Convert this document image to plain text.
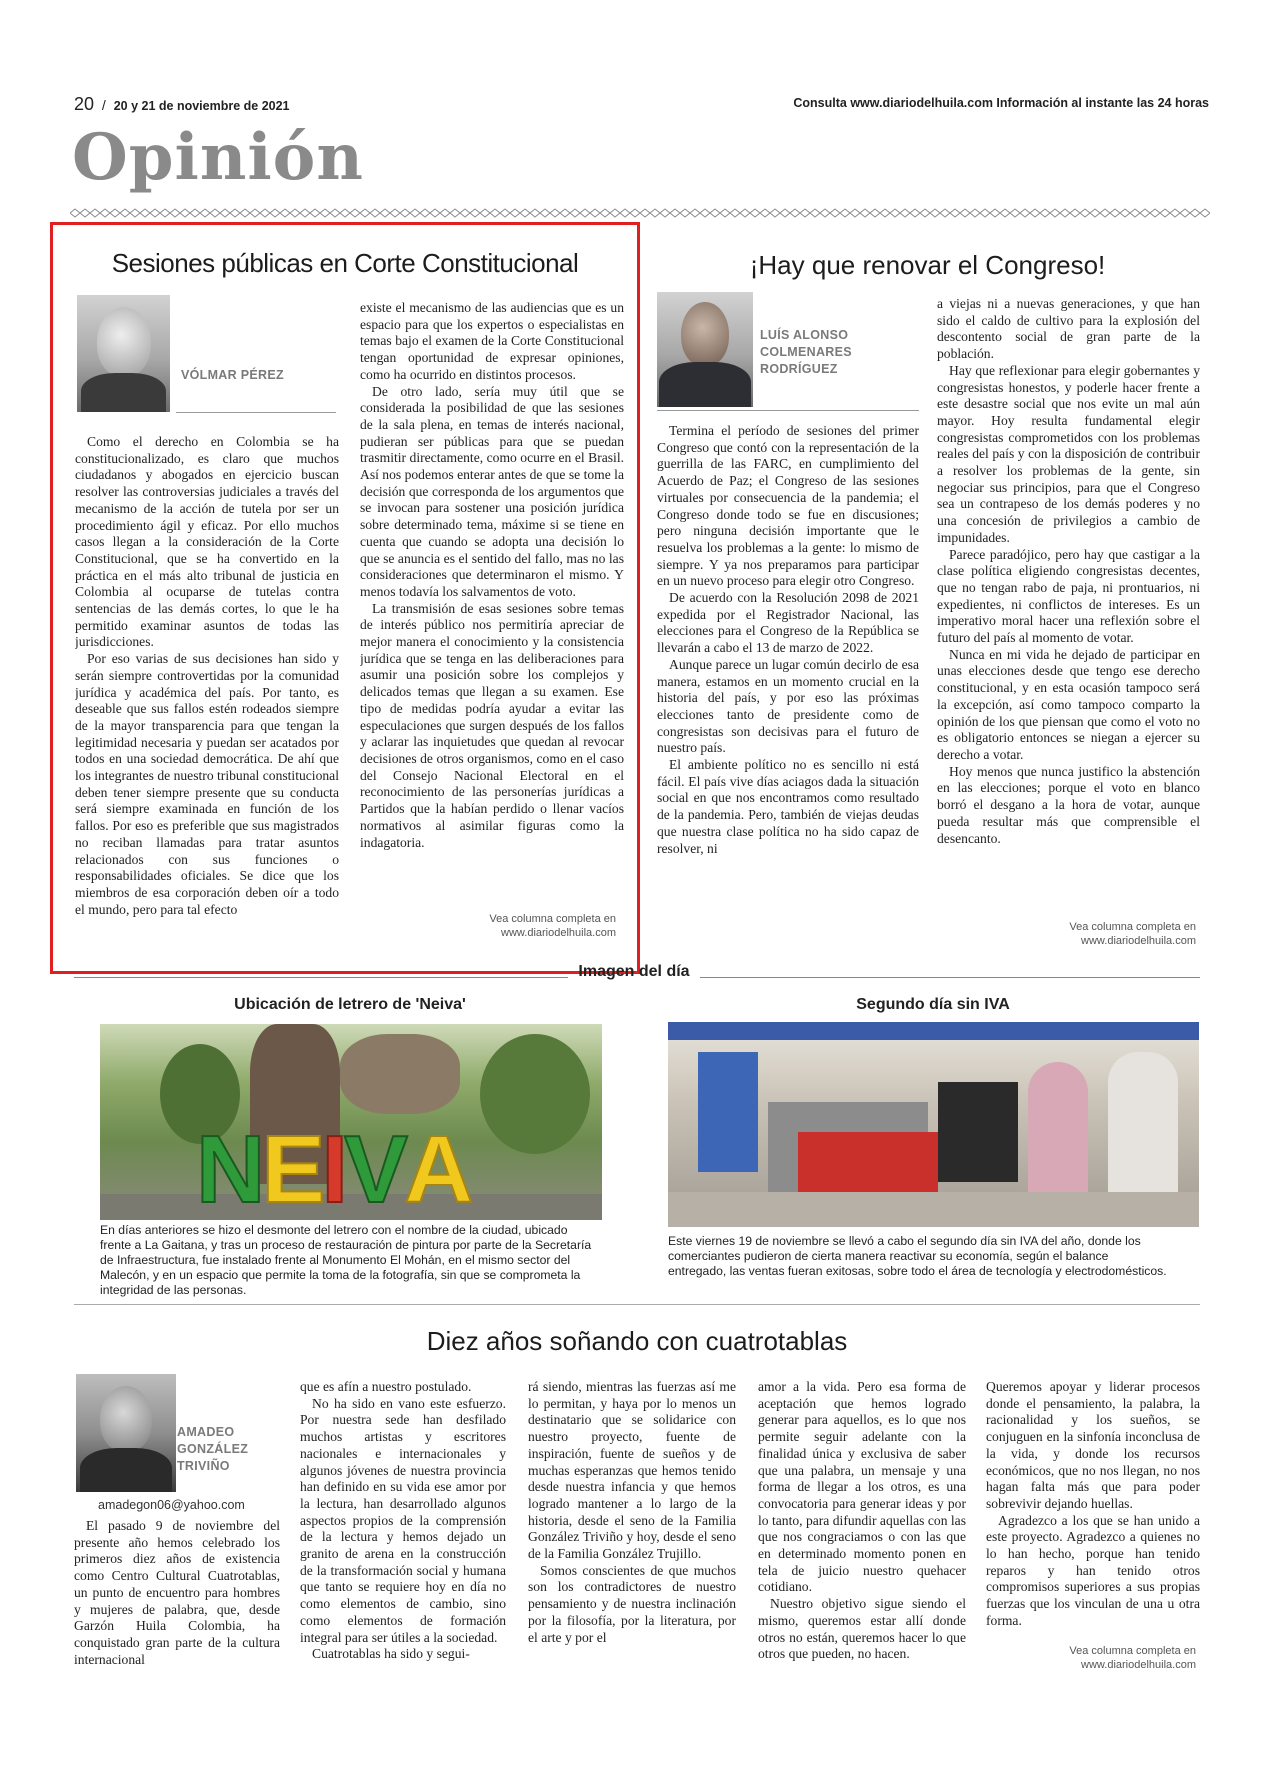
20 / 20 y 21 de noviembre de 2021	Consulta www.diariodelhuila.com Información al instante las 24 horas
Opinión
Sesiones públicas en Corte Constitucional
VÓLMAR PÉREZ

Como el derecho en Colombia se ha constitucionalizado, es claro que muchos ciudadanos y abogados en ejercicio buscan resolver las controversias judiciales a través del mecanismo de la acción de tutela por ser un procedimiento ágil y eficaz. Por ello muchos casos llegan a la consideración de la Corte Constitucional, que se ha convertido en la práctica en el más alto tribunal de justicia en Colombia al ocuparse de tutelas contra sentencias de las demás cortes, lo que le ha permitido examinar asuntos de todas las jurisdicciones.

Por eso varias de sus decisiones han sido y serán siempre controvertidas por la comunidad jurídica y académica del país. Por tanto, es deseable que sus fallos estén rodeados siempre de la mayor transparencia para que tengan la legitimidad necesaria y puedan ser acatados por todos en una sociedad democrática. De ahí que los integrantes de nuestro tribunal constitucional deben tener siempre presente que su conducta será siempre examinada en función de los fallos. Por eso es preferible que sus magistrados no reciban llamadas para tratar asuntos relacionados con sus funciones o responsabilidades oficiales. Se dice que los miembros de esa corporación deben oír a todo el mundo, pero para tal efecto

existe el mecanismo de las audiencias que es un espacio para que los expertos o especialistas en temas bajo el examen de la Corte Constitucional tengan oportunidad de expresar opiniones, como ha ocurrido en distintos procesos.

De otro lado, sería muy útil que se considerada la posibilidad de que las sesiones de la sala plena, en temas de interés nacional, pudieran ser públicas para que se puedan trasmitir directamente, como ocurre en el Brasil. Así nos podemos enterar antes de que se tome la decisión que corresponda de los argumentos que se invocan para sostener una posición jurídica sobre determinado tema, máxime si se tiene en cuenta que cuando se adopta una decisión lo que se anuncia es el sentido del fallo, mas no las consideraciones que determinaron el mismo. Y menos todavía los salvamentos de voto.

La transmisión de esas sesiones sobre temas de interés público nos permitiría apreciar de mejor manera el conocimiento y la consistencia jurídica que se tenga en las deliberaciones para asumir una posición sobre los complejos y delicados temas que llegan a su examen. Ese tipo de medidas podría ayudar a evitar las especulaciones que surgen después de los fallos y aclarar las inquietudes que quedan al revocar decisiones de otros organismos, como en el caso del Consejo Nacional Electoral en el reconocimiento de las personerías jurídicas a Partidos que la habían perdido o llenar vacíos normativos al asimilar figuras como la indagatoria.

Vea columna completa en
www.diariodelhuila.com
¡Hay que renovar el Congreso!
LUÍS ALONSO
COLMENARES
RODRÍGUEZ

Termina el período de sesiones del primer Congreso que contó con la representación de la guerrilla de las FARC, en cumplimiento del Acuerdo de Paz; el Congreso de las sesiones virtuales por consecuencia de la pandemia; el Congreso donde todo se fue en discusiones; pero ninguna decisión importante que le resuelva los problemas a la gente: lo mismo de siempre. Y ya nos preparamos para participar en un nuevo proceso para elegir otro Congreso.

De acuerdo con la Resolución 2098 de 2021 expedida por el Registrador Nacional, las elecciones para el Congreso de la República se llevarán a cabo el 13 de marzo de 2022.

Aunque parece un lugar común decirlo de esa manera, estamos en un momento crucial en la historia del país, y por eso las próximas elecciones tanto de presidente como de congresistas son decisivas para el futuro de nuestro país.

El ambiente político no es sencillo ni está fácil. El país vive días aciagos dada la situación social en que nos encontramos como resultado de la pandemia. Pero, también de viejas deudas que nuestra clase política no ha sido capaz de resolver, ni

a viejas ni a nuevas generaciones, y que han sido el caldo de cultivo para la explosión del descontento social de gran parte de la población.

Hay que reflexionar para elegir gobernantes y congresistas honestos, y poderle hacer frente a este desastre social que nos evite un mal aún mayor. Hoy resulta fundamental elegir congresistas comprometidos con los problemas reales del país y con la disposición de contribuir a resolver los problemas de la gente, sin negociar sus principios, para que el Congreso sea un contrapeso de los demás poderes y no una concesión de privilegios a cambio de impunidades.

Parece paradójico, pero hay que castigar a la clase política eligiendo congresistas decentes, que no tengan rabo de paja, ni prontuarios, ni expedientes, ni conflictos de intereses. Es un imperativo moral hacer una reflexión sobre el futuro del país al momento de votar.

Nunca en mi vida he dejado de participar en unas elecciones desde que tengo ese derecho constitucional, y en esta ocasión tampoco será la excepción, así como tampoco comparto la opinión de los que piensan que como el voto no es obligatorio entonces se niegan a ejercer su derecho a votar.

Hoy menos que nunca justifico la abstención en las elecciones; porque el voto en blanco borró el desgano a la hora de votar, aunque pueda resultar más que comprensible el desencanto.

Vea columna completa en
www.diariodelhuila.com
Imagen del día
Ubicación de letrero de 'Neiva'
N E I V A
En días anteriores se hizo el desmonte del letrero con el nombre de la ciudad, ubicado frente a La Gaitana, y tras un proceso de restauración de pintura por parte de la Secretaría de Infraestructura, fue instalado frente al Monumento El Mohán, en el mismo sector del Malecón, y en un espacio que permite la toma de la fotografía, sin que se comprometa la integridad de las personas.
Segundo día sin IVA
Este viernes 19 de noviembre se llevó a cabo el segundo día sin IVA del año, donde los comerciantes pudieron de cierta manera reactivar su economía, según el balance entregado, las ventas fueran exitosas, sobre todo el área de tecnología y electrodomésticos.
Diez años soñando con cuatrotablas
AMADEO
GONZÁLEZ
TRIVIÑO
amadegon06@yahoo.com

El pasado 9 de noviembre del presente año hemos celebrado los primeros diez años de existencia como Centro Cultural Cuatrotablas, un punto de encuentro para hombres y mujeres de palabra, que, desde Garzón Huila Colombia, ha conquistado gran parte de la cultura internacional

que es afín a nuestro postulado.

No ha sido en vano este esfuerzo. Por nuestra sede han desfilado muchos artistas y escritores nacionales e internacionales y algunos jóvenes de nuestra provincia han definido en su vida ese amor por la lectura, han desarrollado algunos aspectos propios de la comprensión de la lectura y hemos dejado un granito de arena en la construcción de la transformación social y humana que tanto se requiere hoy en día no como elementos de cambio, sino como elementos de formación integral para ser útiles a la sociedad.

Cuatrotablas ha sido y segui-

rá siendo, mientras las fuerzas así me lo permitan, y haya por lo menos un destinatario que se solidarice con nuestro proyecto, fuente de inspiración, fuente de sueños y de muchas esperanzas que hemos tenido desde nuestra infancia y que hemos logrado mantener a lo largo de la historia, desde el seno de la Familia González Triviño y hoy, desde el seno de la Familia González Trujillo.

Somos conscientes de que muchos son los contradictores de nuestro pensamiento y de nuestra inclinación por la filosofía, por la literatura, por el arte y por el

amor a la vida. Pero esa forma de aceptación que hemos logrado generar para aquellos, es lo que nos permite seguir adelante con la finalidad única y exclusiva de saber que una palabra, un mensaje y una forma de llegar a los otros, es una convocatoria para generar ideas y por lo tanto, para difundir aquellas con las que nos congraciamos o con las que en determinado momento ponen en tela de juicio nuestro quehacer cotidiano.

Nuestro objetivo sigue siendo el mismo, queremos estar allí donde otros no están, queremos hacer lo que otros que pueden, no hacen.

Queremos apoyar y liderar procesos donde el pensamiento, la palabra, la racionalidad y los sueños, se conjuguen en la sinfonía inconclusa de la vida, y donde los recursos económicos, que no nos llegan, no nos hagan falta más que para poder sobrevivir dejando huellas.

Agradezco a los que se han unido a este proyecto. Agradezco a quienes no lo han hecho, porque han tenido reparos y han tenido otros compromisos superiores a sus propias fuerzas que los vinculan de una u otra forma.

Vea columna completa en
www.diariodelhuila.com
